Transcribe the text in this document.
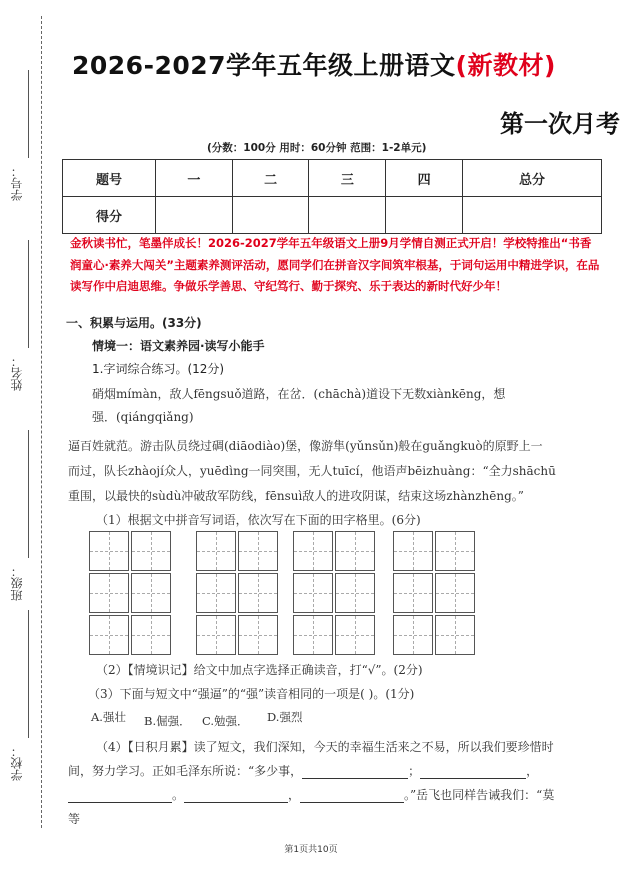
学号：
姓名：
班级：
学校：
2026-2027学年五年级上册语文(新教材)
第一次月考
(分数：100分 用时：60分钟 范围：1-2单元)
题号	一	二	三	四	总分
得分					
金秋读书忙，笔墨伴成长！2026-2027学年五年级语文上册9月学情自测正式开启！学校特推出“书香润童心·素养大闯关”主题素养测评活动，愿同学们在拼音汉字间筑牢根基，于词句运用中精进学识，在品读写作中启迪思维。争做乐学善思、守纪笃行、勤于探究、乐于表达的新时代好少年！
一、积累与运用。(33分)
情境一：语文素养园·读写小能手
1.字词综合练习。(12分)
硝烟mímàn，敌人fēngsuǒ道路，在岔．(chāchà)道设下无数xiànkēng，想
强．(qiángqiǎng)
逼百姓就范。游击队员绕过碉(diāodiào)堡，像游隼(yǔnsǔn)般在guǎngkuò的原野上一
而过，队长zhàojí众人，yuēdìng一同突围，无人tuīcí，他语声bēizhuàng：“全力shāchū
重围，以最快的sùdù冲破敌军防线，fēnsuì敌人的进攻阴谋，结束这场zhànzhēng。”
（1）根据文中拼音写词语，依次写在下面的田字格里。(6分)
（2）【情境识记】给文中加点字选择正确读音，打“√”。(2分)
（3）下面与短文中“强逼”的“强”读音相同的一项是( )。(1分)
A.强壮 B.倔强． C.勉强． D.强烈
（4）【日积月累】读了短文，我们深知，今天的幸福生活来之不易，所以我们要珍惜时
间，努力学习。正如毛泽东所说：“多少事，	；	，
。	，	。”岳飞也同样告诫我们：“莫
等
第1页共10页
